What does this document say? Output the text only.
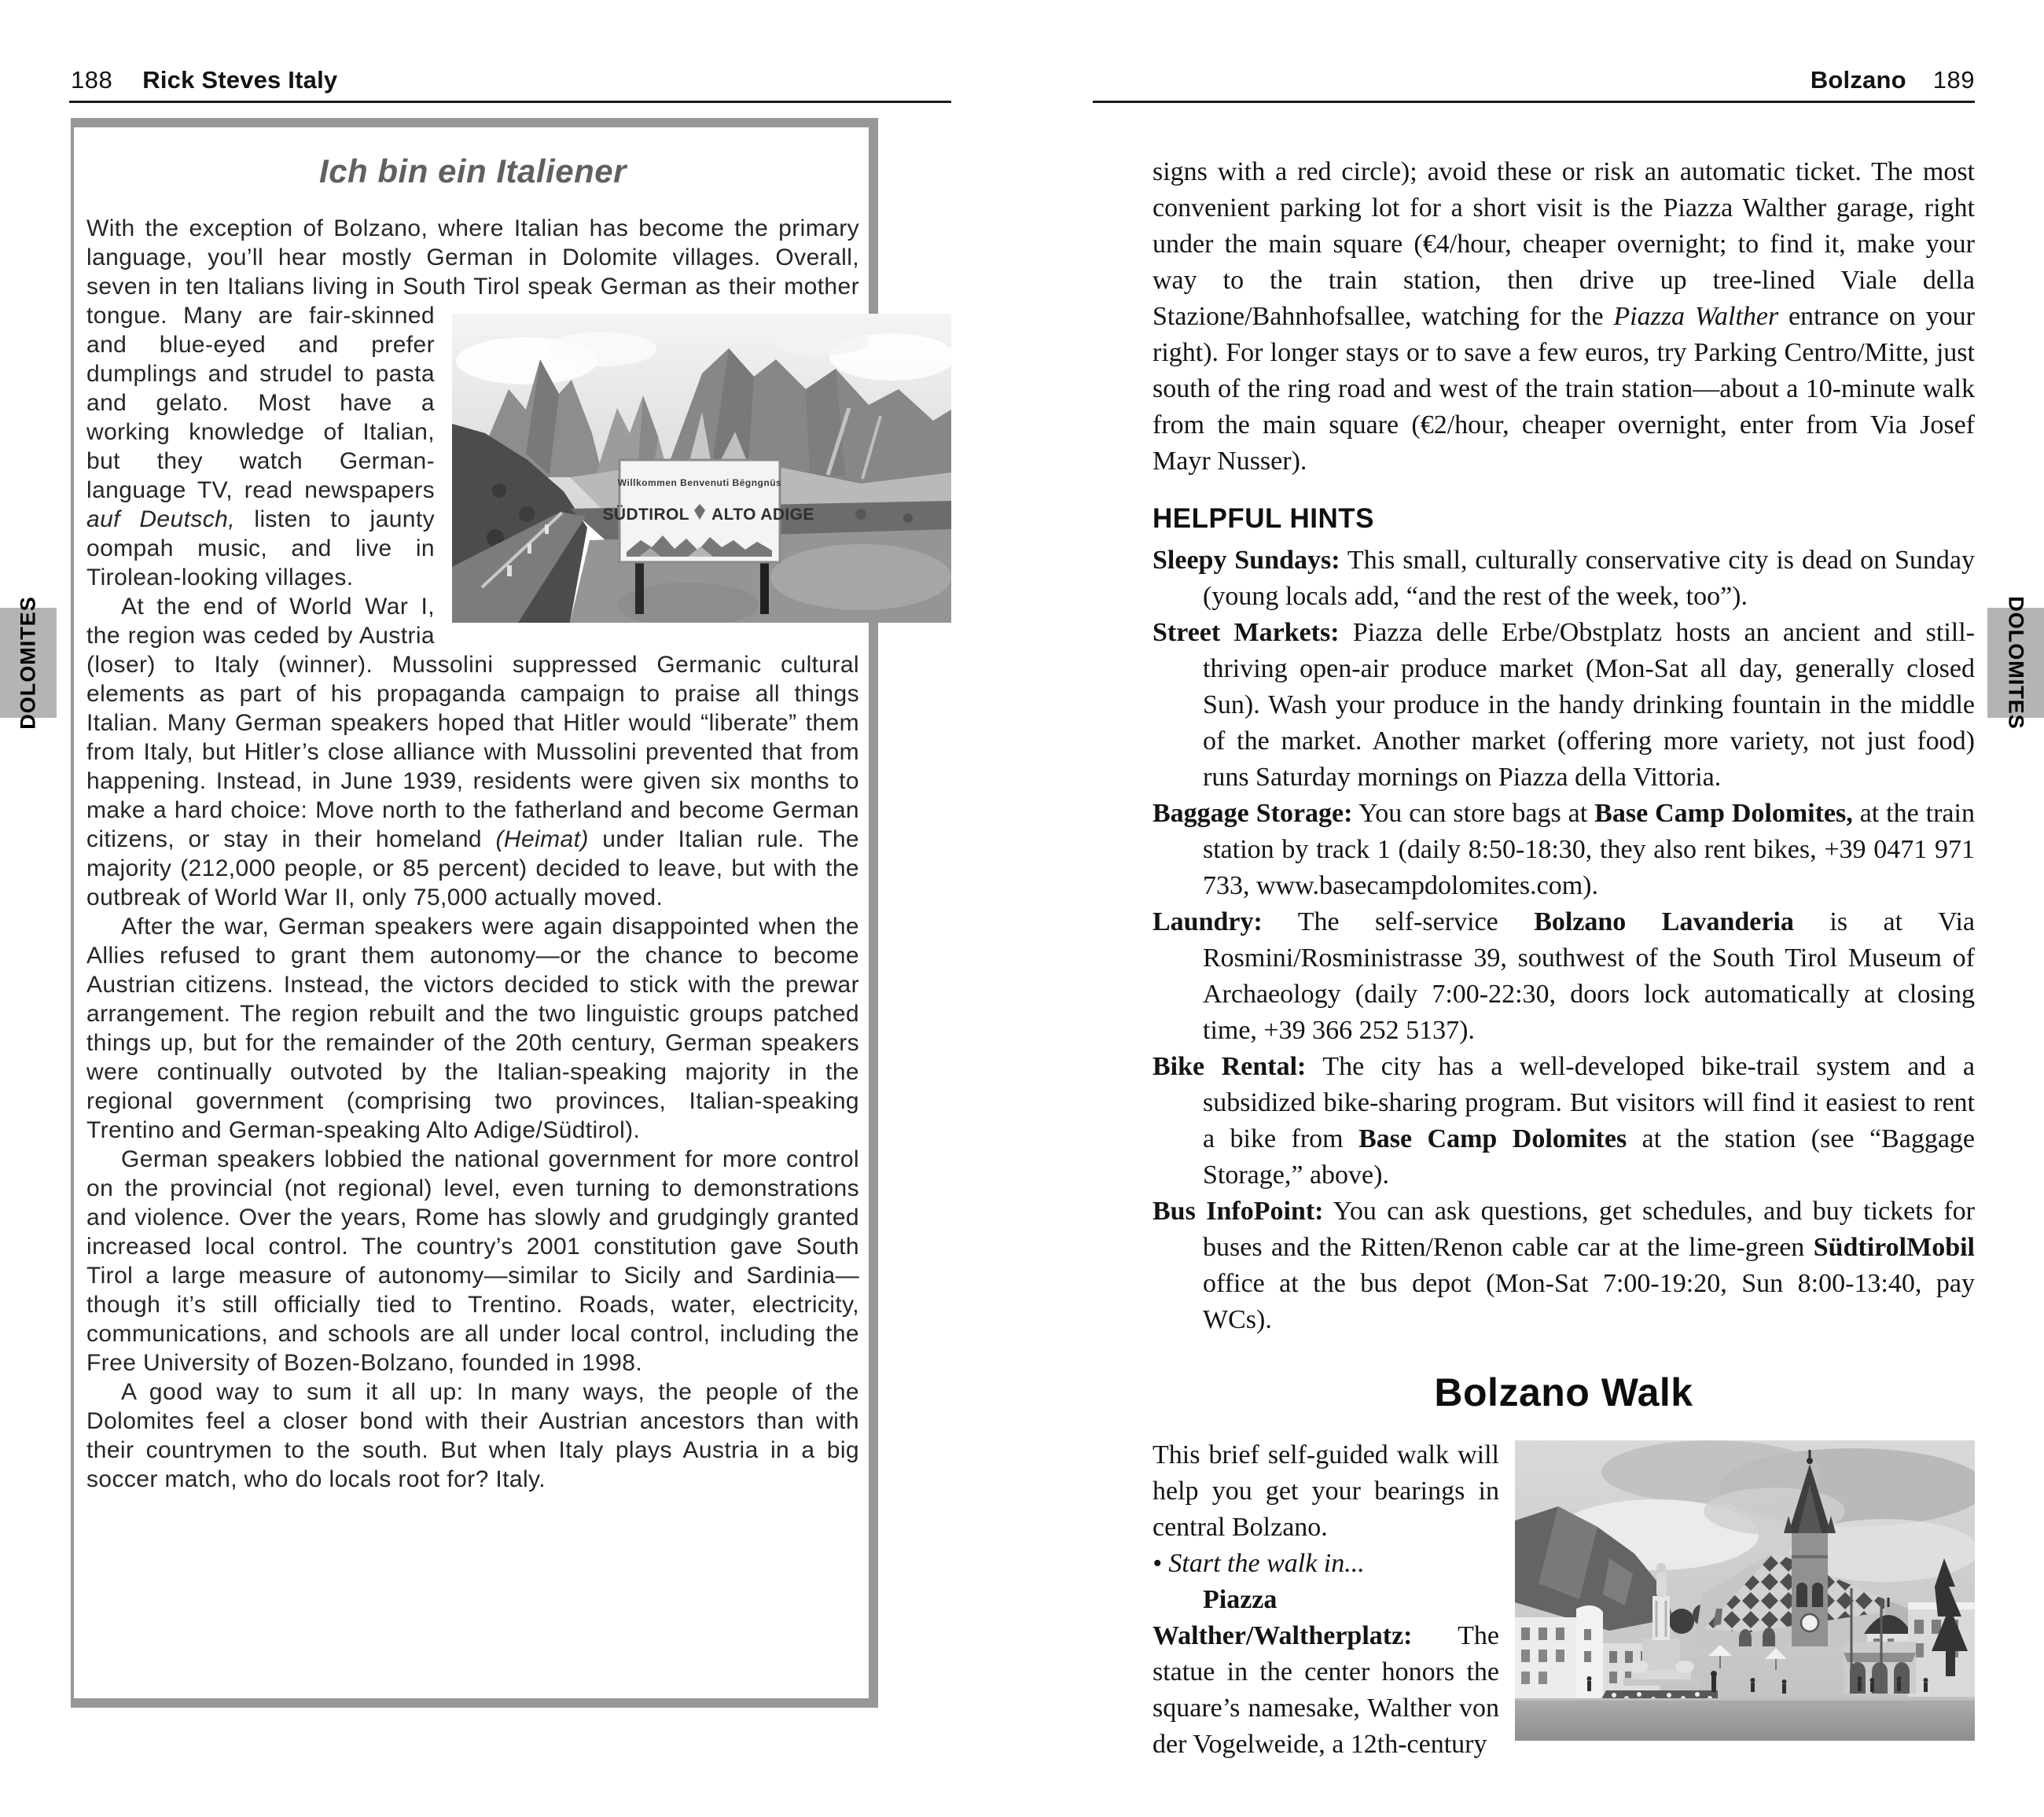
188 Rick Steves Italy
DOLOMITES
Ich bin ein Italiener

With the exception of Bolzano, where Italian has become the primary language, you’ll hear mostly German in Dolomite villages. Overall, seven in ten Italians living in South Tirol speak
Willkommen Benvenuti Bëgngnüs
SÜDTIROL ALTO ADIGE
German as their mother tongue. Many are fair-skinned and blue-eyed and prefer dumplings and strudel to pasta and gelato. Most have a working knowledge of Italian, but they watch German-language TV, read newspapers auf Deutsch, listen to jaunty oompah music, and live in Tirolean-looking villages.

At the end of World War I, the region was ceded by Austria (loser) to Italy (winner). Mussolini suppressed Germanic cultural elements as part of his propaganda campaign to praise all things Italian. Many German speakers hoped that Hitler would “liberate” them from Italy, but Hitler’s close alliance with Mussolini prevented that from happening. Instead, in June 1939, residents were given six months to make a hard choice: Move north to the fatherland and become German citizens, or stay in their homeland (Heimat) under Italian rule. The majority (212,000 people, or 85 percent) decided to leave, but with the outbreak of World War II, only 75,000 actually moved.

After the war, German speakers were again disappointed when the Allies refused to grant them autonomy—or the chance to become Austrian citizens. Instead, the victors decided to stick with the prewar arrangement. The region rebuilt and the two linguistic groups patched things up, but for the remainder of the 20th century, German speakers were continually outvoted by the Italian-speaking majority in the regional government (comprising two provinces, Italian-speaking Trentino and German-speaking Alto Adige/Südtirol).

German speakers lobbied the national government for more control on the provincial (not regional) level, even turning to demonstrations and violence. Over the years, Rome has slowly and grudgingly granted increased local control. The country’s 2001 constitution gave South Tirol a large measure of autonomy—similar to Sicily and Sardinia—though it’s still officially tied to Trentino. Roads, water, electricity, communications, and schools are all under local control, including the Free University of Bozen-Bolzano, founded in 1998.

A good way to sum it all up: In many ways, the people of the Dolomites feel a closer bond with their Austrian ancestors than with their countrymen to the south. But when Italy plays Austria in a big soccer match, who do locals root for? Italy.

Bolzano 189
DOLOMITES

signs with a red circle); avoid these or risk an automatic ticket. The most convenient parking lot for a short visit is the Piazza Walther garage, right under the main square (€4/hour, cheaper overnight; to find it, make your way to the train station, then drive up tree-lined Viale della Stazione/Bahnhofsallee, watching for the Piazza Walther entrance on your right). For longer stays or to save a few euros, try Parking Centro/Mitte, just south of the ring road and west of the train station—about a 10-minute walk from the main square (€2/hour, cheaper overnight, enter from Via Josef Mayr Nusser).

HELPFUL HINTS

Sleepy Sundays: This small, culturally conservative city is dead on Sunday (young locals add, “and the rest of the week, too”).

Street Markets: Piazza delle Erbe/Obstplatz hosts an ancient and still-thriving open-air produce market (Mon-Sat all day, generally closed Sun). Wash your produce in the handy drinking fountain in the middle of the market. Another market (offering more variety, not just food) runs Saturday mornings on Piazza della Vittoria.

Baggage Storage: You can store bags at Base Camp Dolomites, at the train station by track 1 (daily 8:50-18:30, they also rent bikes, +39 0471 971 733, www.basecampdolomites.com).

Laundry: The self-service Bolzano Lavanderia is at Via Rosmini/Rosministrasse 39, southwest of the South Tirol Museum of Archaeology (daily 7:00-22:30, doors lock automatically at closing time, +39 366 252 5137).

Bike Rental: The city has a well-developed bike-trail system and a subsidized bike-sharing program. But visitors will find it easiest to rent a bike from Base Camp Dolomites at the station (see “Baggage Storage,” above).

Bus InfoPoint: You can ask questions, get schedules, and buy tickets for buses and the Ritten/Renon cable car at the lime-green SüdtirolMobil office at the bus depot (Mon-Sat 7:00-19:20, Sun 8:00-13:40, pay WCs).

Bolzano Walk

This brief self-guided walk will help you get your bearings in central Bolzano.

• Start the walk in...

Piazza Walther/Waltherplatz: The statue in the center honors the square’s namesake, Walther von der Vogelweide, a 12th-century
